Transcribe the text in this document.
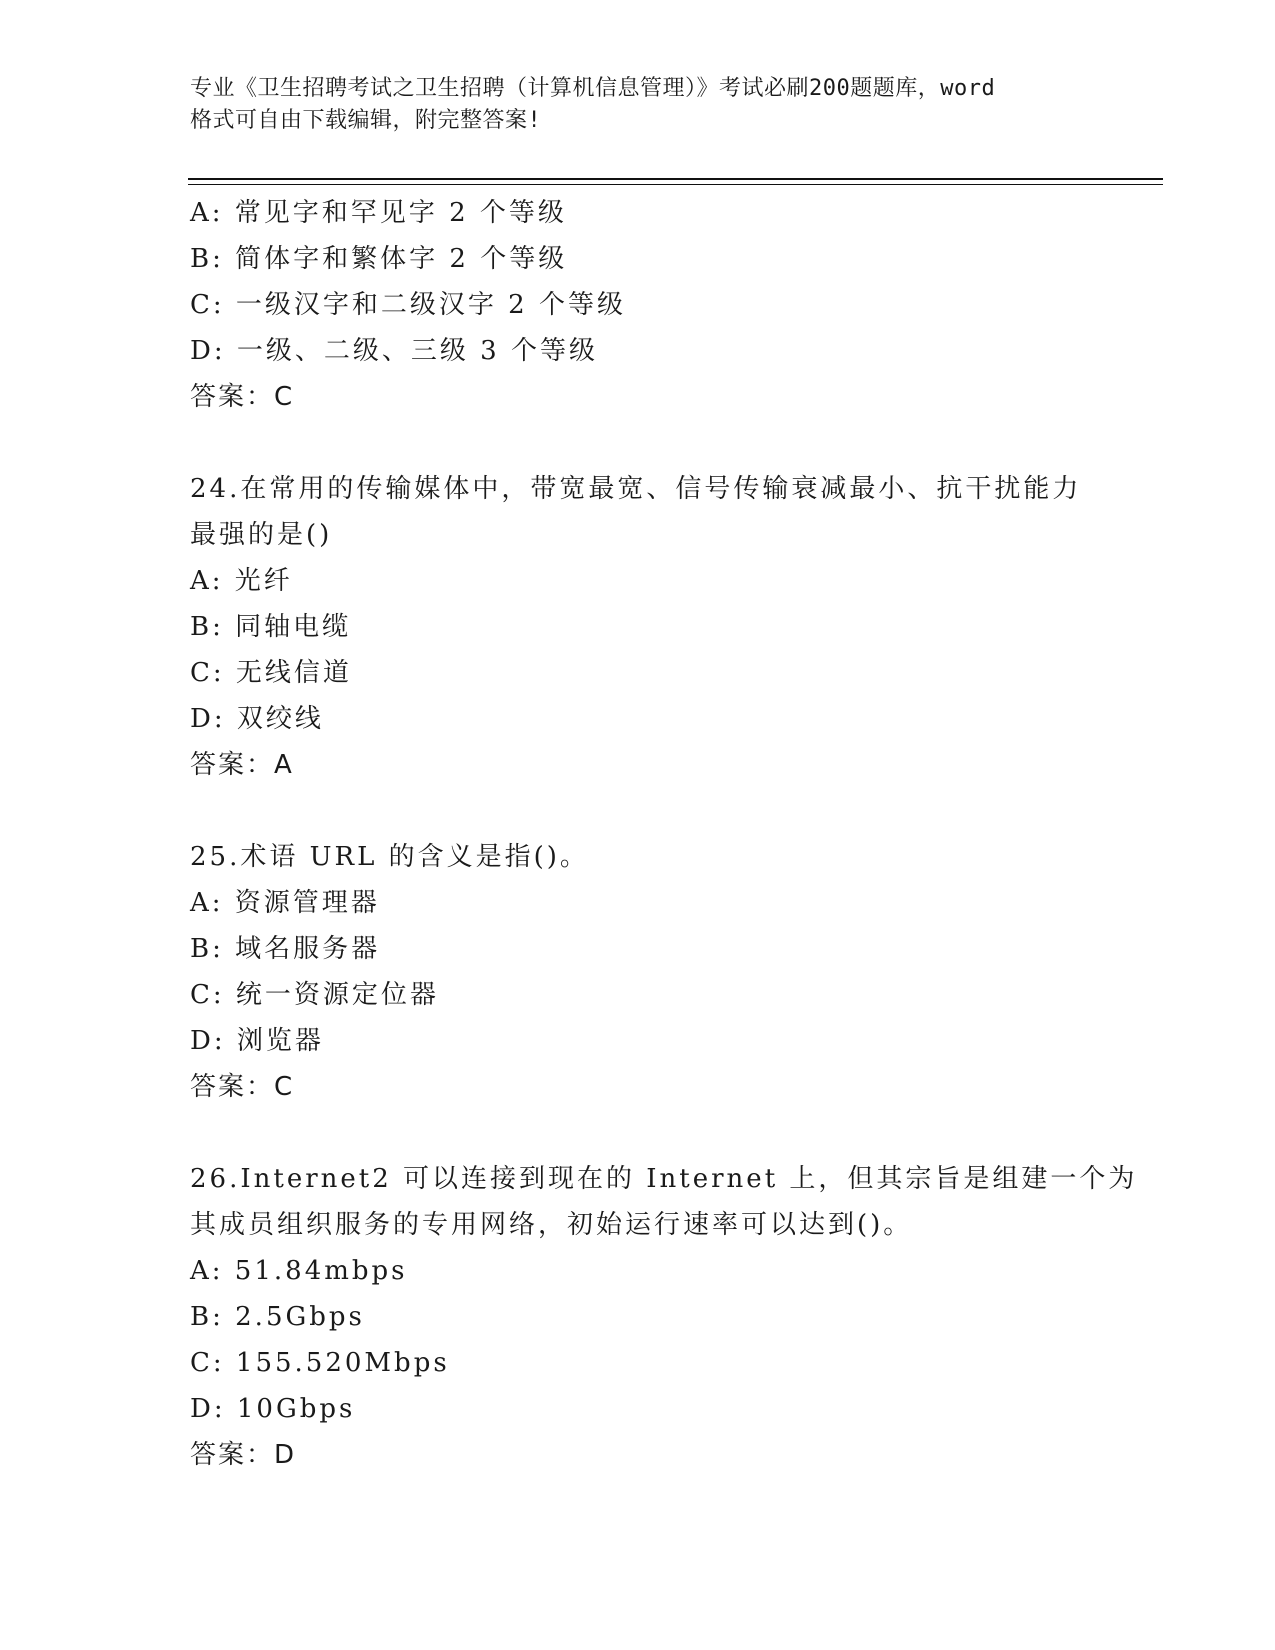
专业《卫生招聘考试之卫生招聘（计算机信息管理）》考试必刷200题题库，word
格式可自由下载编辑，附完整答案!
A: 常见字和罕见字 2 个等级
B: 简体字和繁体字 2 个等级
C: 一级汉字和二级汉字 2 个等级
D: 一级、二级、三级 3 个等级
答案：C
24.在常用的传输媒体中，带宽最宽、信号传输衰减最小、抗干扰能力
最强的是()
A: 光纤
B: 同轴电缆
C: 无线信道
D: 双绞线
答案：A
25.术语 URL 的含义是指()。
A: 资源管理器
B: 域名服务器
C: 统一资源定位器
D: 浏览器
答案：C
26.Internet2 可以连接到现在的 Internet 上，但其宗旨是组建一个为
其成员组织服务的专用网络，初始运行速率可以达到()。
A: 51.84mbps
B: 2.5Gbps
C: 155.520Mbps
D: 10Gbps
答案：D
